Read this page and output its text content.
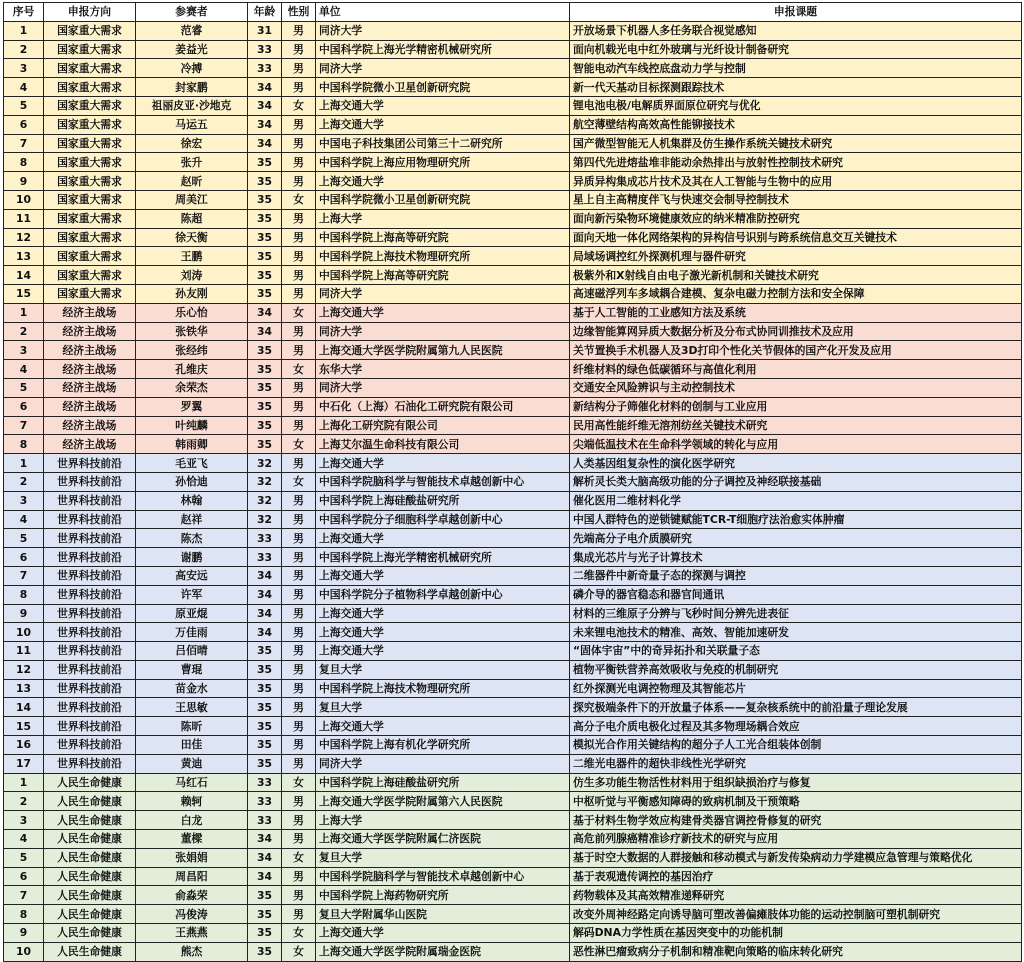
序号	申报方向	参赛者	年龄	性别	单位	申报课题
1	国家重大需求	范睿	31	男	同济大学	开放场景下机器人多任务联合视觉感知
2	国家重大需求	姜益光	33	男	中国科学院上海光学精密机械研究所	面向机载光电中红外玻璃与光纤设计制备研究
3	国家重大需求	冷搏	33	男	同济大学	智能电动汽车线控底盘动力学与控制
4	国家重大需求	封家鹏	34	男	中国科学院微小卫星创新研究院	新一代天基动目标探测跟踪技术
5	国家重大需求	祖丽皮亚·沙地克	34	女	上海交通大学	锂电池电极/电解质界面原位研究与优化
6	国家重大需求	马运五	34	男	上海交通大学	航空薄壁结构高效高性能铆接技术
7	国家重大需求	徐宏	34	男	中国电子科技集团公司第三十二研究所	国产微型智能无人机集群及仿生操作系统关键技术研究
8	国家重大需求	张升	35	男	中国科学院上海应用物理研究所	第四代先进熔盐堆非能动余热排出与放射性控制技术研究
9	国家重大需求	赵昕	35	男	上海交通大学	异质异构集成芯片技术及其在人工智能与生物中的应用
10	国家重大需求	周美江	35	女	中国科学院微小卫星创新研究院	星上自主高精度伴飞与快速交会制导控制技术
11	国家重大需求	陈超	35	男	上海大学	面向新污染物环境健康效应的纳米精准防控研究
12	国家重大需求	徐天衡	35	男	中国科学院上海高等研究院	面向天地一体化网络架构的异构信号识别与跨系统信息交互关键技术
13	国家重大需求	王鹏	35	男	中国科学院上海技术物理研究所	局域场调控红外探测机理与器件研究
14	国家重大需求	刘涛	35	男	中国科学院上海高等研究院	极紫外和X射线自由电子激光新机制和关键技术研究
15	国家重大需求	孙友刚	35	男	同济大学	高速磁浮列车多域耦合建模、复杂电磁力控制方法和安全保障
1	经济主战场	乐心怡	34	女	上海交通大学	基于人工智能的工业感知方法及系统
2	经济主战场	张铁华	34	男	同济大学	边缘智能算网异质大数据分析及分布式协同训推技术及应用
3	经济主战场	张经纬	35	男	上海交通大学医学院附属第九人民医院	关节置换手术机器人及3D打印个性化关节假体的国产化开发及应用
4	经济主战场	孔维庆	35	女	东华大学	纤维材料的绿色低碳循环与高值化利用
5	经济主战场	余荣杰	35	男	同济大学	交通安全风险辨识与主动控制技术
6	经济主战场	罗翼	35	男	中石化（上海）石油化工研究院有限公司	新结构分子筛催化材料的创制与工业应用
7	经济主战场	叶纯麟	35	男	上海化工研究院有限公司	民用高性能纤维无溶剂纺丝关键技术研究
8	经济主战场	韩雨卿	35	女	上海艾尔温生命科技有限公司	尖端低温技术在生命科学领域的转化与应用
1	世界科技前沿	毛亚飞	32	男	上海交通大学	人类基因组复杂性的演化医学研究
2	世界科技前沿	孙恰迪	32	女	中国科学院脑科学与智能技术卓越创新中心	解析灵长类大脑高级功能的分子调控及神经联接基础
3	世界科技前沿	林翰	32	男	中国科学院上海硅酸盐研究所	催化医用二维材料化学
4	世界科技前沿	赵祥	32	男	中国科学院分子细胞科学卓越创新中心	中国人群特色的逆锁键赋能TCR-T细胞疗法治愈实体肿瘤
5	世界科技前沿	陈杰	33	男	上海交通大学	先端高分子电介质膜研究
6	世界科技前沿	谢鹏	33	男	中国科学院上海光学精密机械研究所	集成光芯片与光子计算技术
7	世界科技前沿	高安远	34	男	上海交通大学	二维器件中新奇量子态的探测与调控
8	世界科技前沿	许军	34	男	中国科学院分子植物科学卓越创新中心	磷介导的器官稳态和器官间通讯
9	世界科技前沿	原亚焜	34	男	上海交通大学	材料的三维原子分辨与飞秒时间分辨先进表征
10	世界科技前沿	万佳雨	34	男	上海交通大学	未来锂电池技术的精准、高效、智能加速研发
11	世界科技前沿	吕佰晴	35	男	上海交通大学	“固体宇宙”中的奇异拓扑和关联量子态
12	世界科技前沿	曹琨	35	男	复旦大学	植物平衡铁营养高效吸收与免疫的机制研究
13	世界科技前沿	苗金水	35	男	中国科学院上海技术物理研究所	红外探测光电调控物理及其智能芯片
14	世界科技前沿	王思敏	35	男	复旦大学	探究极端条件下的开放量子体系——复杂核系统中的前沿量子理论发展
15	世界科技前沿	陈昕	35	男	上海交通大学	高分子电介质电极化过程及其多物理场耦合效应
16	世界科技前沿	田佳	35	男	中国科学院上海有机化学研究所	模拟光合作用关键结构的超分子人工光合组装体创制
17	世界科技前沿	黄迪	35	男	同济大学	二维光电器件的超快非线性光学研究
1	人民生命健康	马红石	33	女	中国科学院上海硅酸盐研究所	仿生多功能生物活性材料用于组织缺损治疗与修复
2	人民生命健康	赖轲	33	男	上海交通大学医学院附属第六人民医院	中枢听觉与平衡感知障碍的致病机制及干预策略
3	人民生命健康	白龙	33	男	上海大学	基于材料生物学效应构建骨类器官调控骨修复的研究
4	人民生命健康	董樑	34	男	上海交通大学医学院附属仁济医院	高危前列腺癌精准诊疗新技术的研究与应用
5	人民生命健康	张娟娟	34	女	复旦大学	基于时空大数据的人群接触和移动模式与新发传染病动力学建模应急管理与策略优化
6	人民生命健康	周昌阳	34	男	中国科学院脑科学与智能技术卓越创新中心	基于表观遗传调控的基因治疗
7	人民生命健康	俞淼荣	35	男	中国科学院上海药物研究所	药物载体及其高效精准递释研究
8	人民生命健康	冯俊涛	35	男	复旦大学附属华山医院	改变外周神经路定向诱导脑可塑改善偏瘫肢体功能的运动控制脑可塑机制研究
9	人民生命健康	王燕燕	35	女	上海交通大学	解码DNA力学性质在基因突变中的功能机制
10	人民生命健康	熊杰	35	女	上海交通大学医学院附属瑞金医院	恶性淋巴瘤致病分子机制和精准靶向策略的临床转化研究
